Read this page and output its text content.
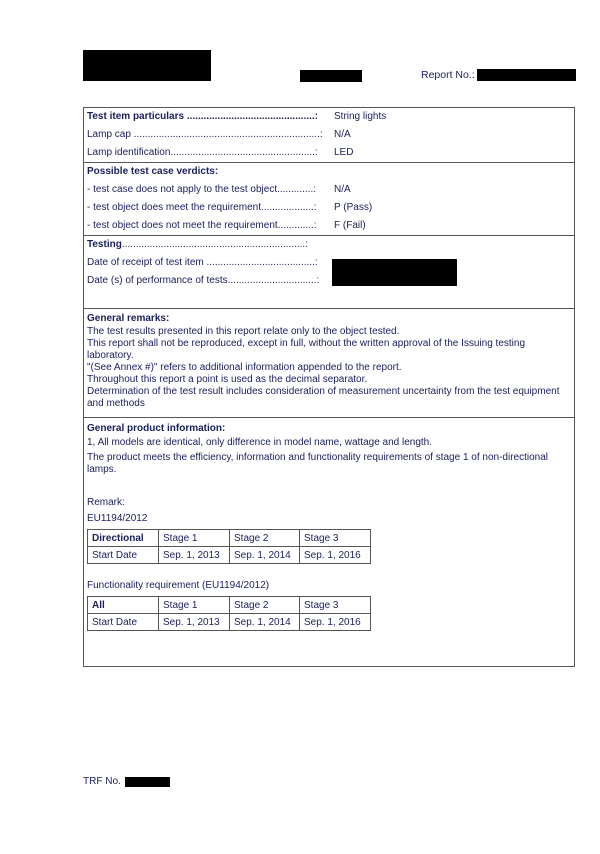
Report No.:
Test item particulars ..............................................: String lights
Lamp cap ...................................................................: N/A
Lamp identification....................................................: LED
Possible test case verdicts:
- test case does not apply to the test object.............: N/A
- test object does meet the requirement...................: P (Pass)
- test object does not meet the requirement.............: F (Fail)
Testing..................................................................:
Date of receipt of test item .......................................:
Date (s) of performance of tests................................:
General remarks:
The test results presented in this report relate only to the object tested.
This report shall not be reproduced, except in full, without the written approval of the Issuing testing laboratory.
"(See Annex #)" refers to additional information appended to the report.
Throughout this report a point is used as the decimal separator.
Determination of the test result includes consideration of measurement uncertainty from the test equipment and methods
General product information:
1, All models are identical, only difference in model name, wattage and length.
The product meets the efficiency, information and functionality requirements of stage 1 of non-directional lamps.
Remark:
EU1194/2012
Directional	Stage 1	Stage 2	Stage 3
Start Date	Sep. 1, 2013	Sep. 1, 2014	Sep. 1, 2016
Functionality requirement (EU1194/2012)
All	Stage 1	Stage 2	Stage 3
Start Date	Sep. 1, 2013	Sep. 1, 2014	Sep. 1, 2016
TRF No.
